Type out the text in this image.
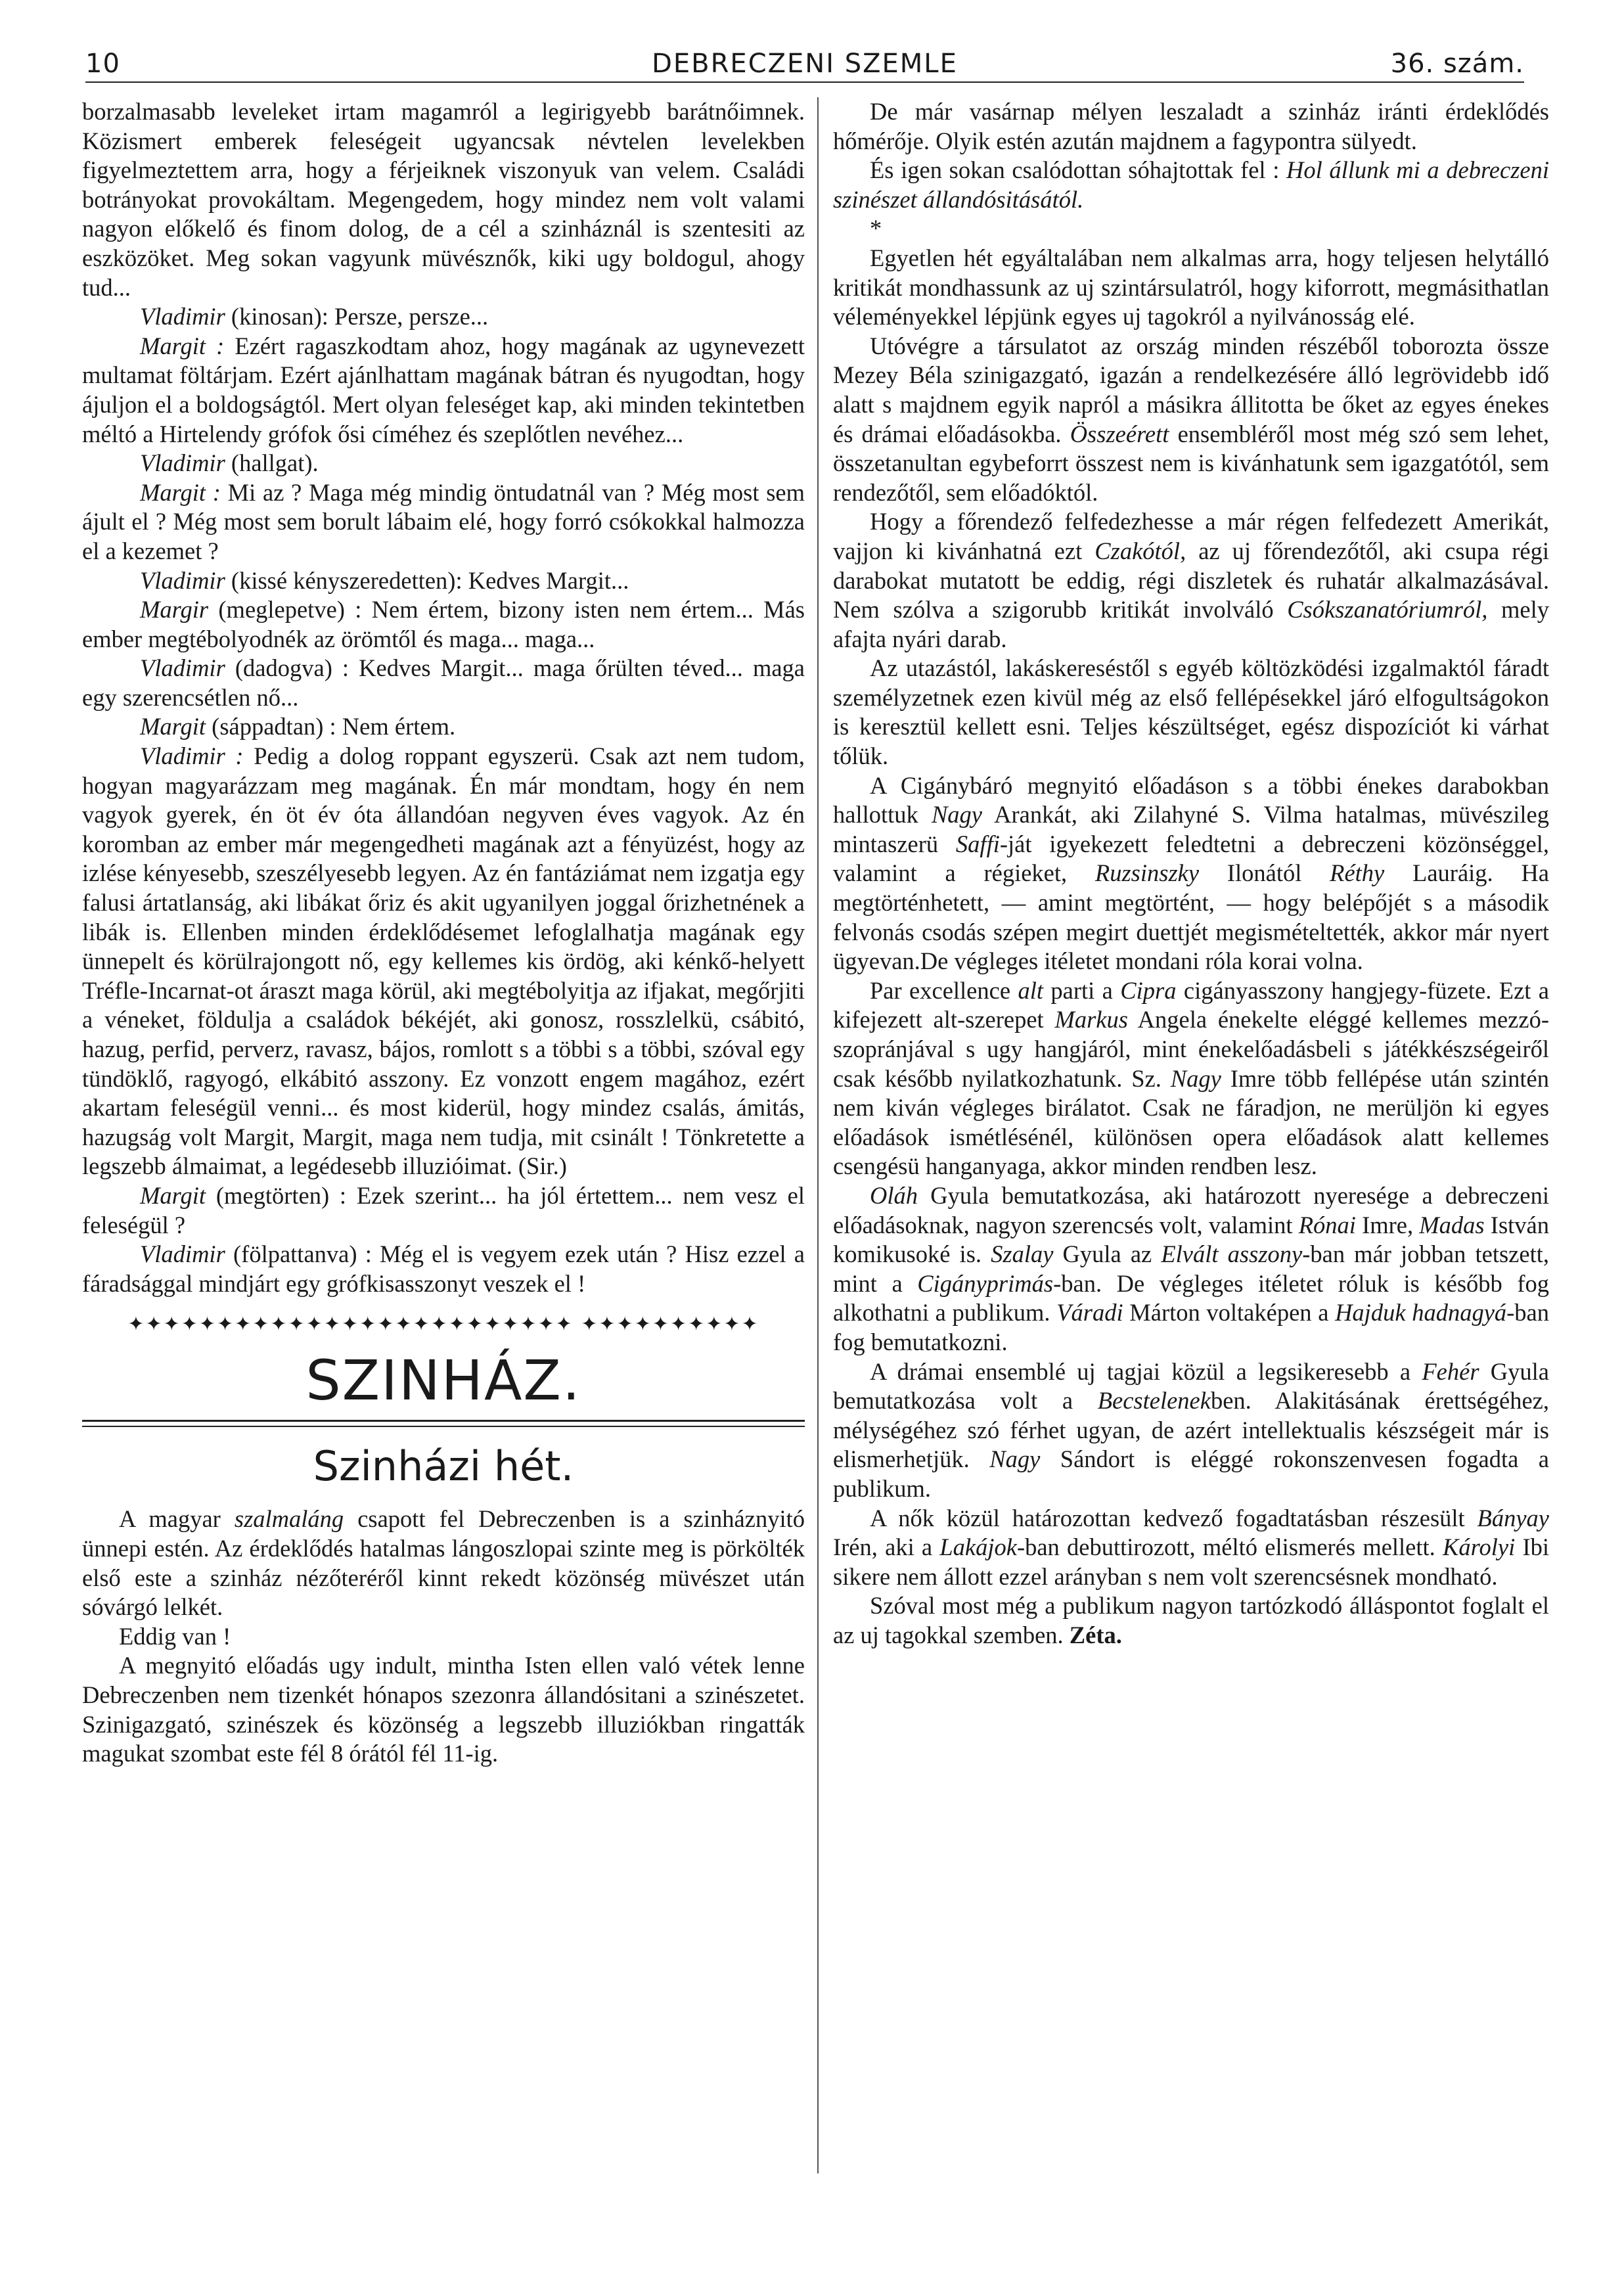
10	DEBRECZENI SZEMLE	36. szám.

borzalmasabb leveleket irtam magamról a legirigyebb barátnőimnek. Közismert emberek feleségeit ugyancsak névtelen levelekben figyelmeztettem arra, hogy a férjeiknek viszonyuk van velem. Családi botrányokat provokáltam. Megengedem, hogy mindez nem volt valami nagyon előkelő és finom dolog, de a cél a szinháznál is szentesiti az eszközöket. Meg sokan vagyunk müvésznők, kiki ugy boldogul, ahogy tud...

Vladimir (kinosan): Persze, persze...

Margit : Ezért ragaszkodtam ahoz, hogy magának az ugynevezett multamat föltárjam. Ezért ajánlhattam magának bátran és nyugodtan, hogy ájuljon el a boldogságtól. Mert olyan feleséget kap, aki minden tekintetben méltó a Hirtelendy grófok ősi címéhez és szeplőtlen nevéhez...

Vladimir (hallgat).

Margit : Mi az ? Maga még mindig öntudatnál van ? Még most sem ájult el ? Még most sem borult lábaim elé, hogy forró csókokkal halmozza el a kezemet ?

Vladimir (kissé kényszeredetten): Kedves Margit...

Margir (meglepetve) : Nem értem, bizony isten nem értem... Más ember megtébolyodnék az örömtől és maga... maga...

Vladimir (dadogva) : Kedves Margit... maga őrülten téved... maga egy szerencsétlen nő...

Margit (sáppadtan) : Nem értem.

Vladimir : Pedig a dolog roppant egyszerü. Csak azt nem tudom, hogyan magyarázzam meg magának. Én már mondtam, hogy én nem vagyok gyerek, én öt év óta állandóan negyven éves vagyok. Az én koromban az ember már megengedheti magának azt a fényüzést, hogy az izlése kényesebb, szeszélyesebb legyen. Az én fantáziámat nem izgatja egy falusi ártatlanság, aki libákat őriz és akit ugyanilyen joggal őrizhetnének a libák is. Ellenben minden érdeklődésemet lefoglalhatja magának egy ünnepelt és körülrajongott nő, egy kellemes kis ördög, aki kénkő-helyett Tréfle-Incarnat-ot áraszt maga körül, aki megtébolyitja az ifjakat, megőrjiti a véneket, földulja a családok békéjét, aki gonosz, rosszlelkü, csábitó, hazug, perfid, perverz, ravasz, bájos, romlott s a többi s a többi, szóval egy tündöklő, ragyogó, elkábitó asszony. Ez vonzott engem magához, ezért akartam feleségül venni... és most kiderül, hogy mindez csalás, ámitás, hazugság volt Margit, Margit, maga nem tudja, mit csinált ! Tönkretette a legszebb álmaimat, a legédesebb illuzióimat. (Sir.)

Margit (megtörten) : Ezek szerint... ha jól értettem... nem vesz el feleségül ?

Vladimir (fölpattanva) : Még el is vegyem ezek után ? Hisz ezzel a fáradsággal mindjárt egy grófkisasszonyt veszek el !

✦✦✦✦✦✦✦✦✦✦✦✦✦✦✦✦✦✦✦✦✦✦✦✦✦ ✦✦✦✦✦✦✦✦✦✦
SZINHÁZ.
Szinházi hét.

A magyar szalmaláng csapott fel Debreczenben is a szinháznyitó ünnepi estén. Az érdeklődés hatalmas lángoszlopai szinte meg is pörkölték első este a szinház nézőteréről kinnt rekedt közönség müvészet után sóvárgó lelkét.

Eddig van !

A megnyitó előadás ugy indult, mintha Isten ellen való vétek lenne Debreczenben nem tizenkét hónapos szezonra állandósitani a szinészetet. Szinigazgató, szinészek és közönség a legszebb illuziókban ringatták magukat szombat este fél 8 órától fél 11-ig.

De már vasárnap mélyen leszaladt a szinház iránti érdeklődés hőmérője. Olyik estén azután majdnem a fagypontra sülyedt.

És igen sokan csalódottan sóhajtottak fel : Hol állunk mi a debreczeni szinészet állandósitásától.

*

Egyetlen hét egyáltalában nem alkalmas arra, hogy teljesen helytálló kritikát mondhassunk az uj szintársulatról, hogy kiforrott, megmásithatlan véleményekkel lépjünk egyes uj tagokról a nyilvánosság elé.

Utóvégre a társulatot az ország minden részéből toborozta össze Mezey Béla szinigazgató, igazán a rendelkezésére álló legrövidebb idő alatt s majdnem egyik napról a másikra állitotta be őket az egyes énekes és drámai előadásokba. Összeérett ensembléről most még szó sem lehet, összetanultan egybeforrt összest nem is kivánhatunk sem igazgatótól, sem rendezőtől, sem előadóktól.

Hogy a főrendező felfedezhesse a már régen felfedezett Amerikát, vajjon ki kivánhatná ezt Czakótól, az uj főrendezőtől, aki csupa régi darabokat mutatott be eddig, régi diszletek és ruhatár alkalmazásával. Nem szólva a szigorubb kritikát involváló Csókszanatóriumról, mely afajta nyári darab.

Az utazástól, lakáskereséstől s egyéb költözködési izgalmaktól fáradt személyzetnek ezen kivül még az első fellépésekkel járó elfogultságokon is keresztül kellett esni. Teljes készültséget, egész dispozíciót ki várhat tőlük.

A Cigánybáró megnyitó előadáson s a többi énekes darabokban hallottuk Nagy Arankát, aki Zilahyné S. Vilma hatalmas, müvészileg mintaszerü Saffi-ját igyekezett feledtetni a debreczeni közönséggel, valamint a régieket, Ruzsinszky Ilonától Réthy Lauráig. Ha megtörténhetett, — amint megtörtént, — hogy belépőjét s a második felvonás csodás szépen megirt duettjét megismételtették, akkor már nyert ügyevan.De végleges itéletet mondani róla korai volna.

Par excellence alt parti a Cipra cigányasszony hangjegy-füzete. Ezt a kifejezett alt-szerepet Markus Angela énekelte eléggé kellemes mezzó-szopránjával s ugy hangjáról, mint énekelőadásbeli s játékkészségeiről csak később nyilatkozhatunk. Sz. Nagy Imre több fellépése után szintén nem kiván végleges birálatot. Csak ne fáradjon, ne merüljön ki egyes előadások ismétlésénél, különösen opera előadások alatt kellemes csengésü hanganyaga, akkor minden rendben lesz.

Oláh Gyula bemutatkozása, aki határozott nyeresége a debreczeni előadásoknak, nagyon szerencsés volt, valamint Rónai Imre, Madas István komikusoké is. Szalay Gyula az Elvált asszony-ban már jobban tetszett, mint a Cigányprimás-ban. De végleges itéletet róluk is később fog alkothatni a publikum. Váradi Márton voltaképen a Hajduk hadnagyá-ban fog bemutatkozni.

A drámai ensemblé uj tagjai közül a legsikeresebb a Fehér Gyula bemutatkozása volt a Becstelenekben. Alakitásának érettségéhez, mélységéhez szó férhet ugyan, de azért intellektualis készségeit már is elismerhetjük. Nagy Sándort is eléggé rokonszenvesen fogadta a publikum.

A nők közül határozottan kedvező fogadtatásban részesült Bányay Irén, aki a Lakájok-ban debuttirozott, méltó elismerés mellett. Károlyi Ibi sikere nem állott ezzel arányban s nem volt szerencsésnek mondható.

Szóval most még a publikum nagyon tartózkodó álláspontot foglalt el az uj tagokkal szemben. Zéta.
